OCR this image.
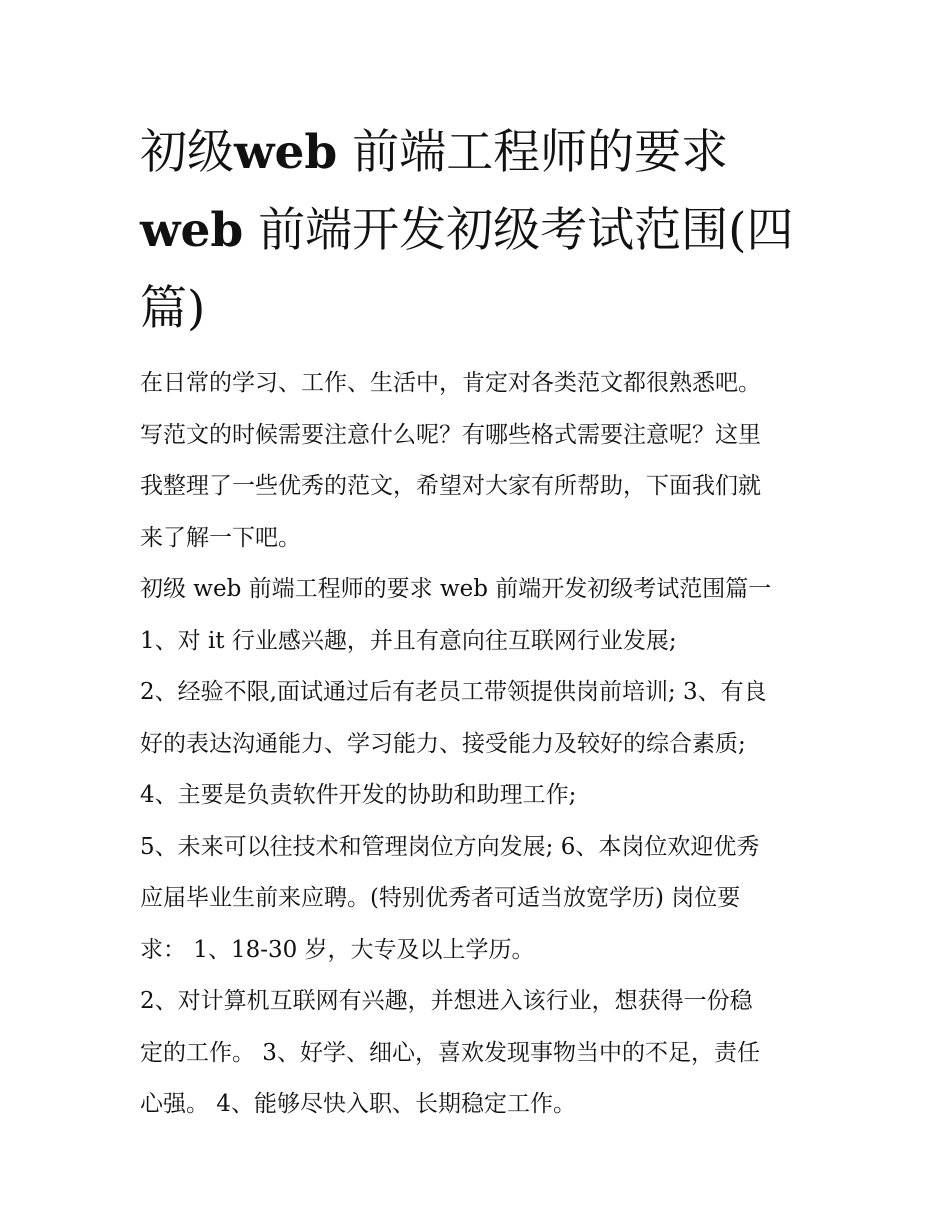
初级web 前端工程师的要求
web 前端开发初级考试范围(四
篇)

在日常的学习、工作、生活中，肯定对各类范文都很熟悉吧。
写范文的时候需要注意什么呢？有哪些格式需要注意呢？这里
我整理了一些优秀的范文，希望对大家有所帮助，下面我们就
来了解一下吧。

初级 web 前端工程师的要求 web 前端开发初级考试范围篇一

1、对 it 行业感兴趣，并且有意向往互联网行业发展;

2、经验不限,面试通过后有老员工带领提供岗前培训; 3、有良
好的表达沟通能力、学习能力、接受能力及较好的综合素质;

4、主要是负责软件开发的协助和助理工作;

5、未来可以往技术和管理岗位方向发展; 6、本岗位欢迎优秀
应届毕业生前来应聘。(特别优秀者可适当放宽学历) 岗位要
求： 1、18-30 岁，大专及以上学历。

2、对计算机互联网有兴趣，并想进入该行业，想获得一份稳
定的工作。 3、好学、细心，喜欢发现事物当中的不足，责任
心强。 4、能够尽快入职、长期稳定工作。
